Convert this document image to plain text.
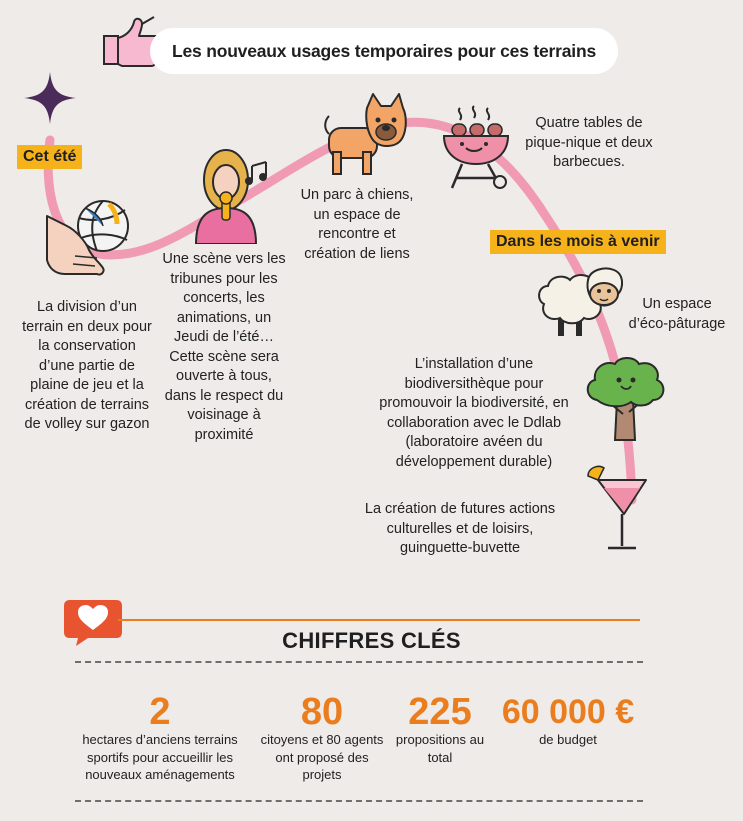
Les nouveaux usages temporaires pour ces terrains
Cet été
La division d’un terrain en deux pour la conservation d’une partie de plaine de jeu et la création de terrains de volley sur gazon
Une scène vers les tribunes pour les concerts, les animations, un Jeudi de l’été… Cette scène sera ouverte à tous, dans le respect du voisinage à proximité
Un parc à chiens, un espace de rencontre et création de liens
Quatre tables de pique-nique et deux barbecues.
Dans les mois à venir
Un espace d’éco-pâturage
L’installation d’une biodiversithèque pour promouvoir la biodiversité, en collaboration avec le Ddlab (laboratoire avéen du développement durable)
La création de futures actions culturelles et de loisirs, guinguette-buvette
CHIFFRES CLÉS
2
hectares d’anciens terrains sportifs pour accueillir les nouveaux aménagements
80
citoyens et 80 agents ont proposé des projets
225
propositions au total
60 000 €
de budget
